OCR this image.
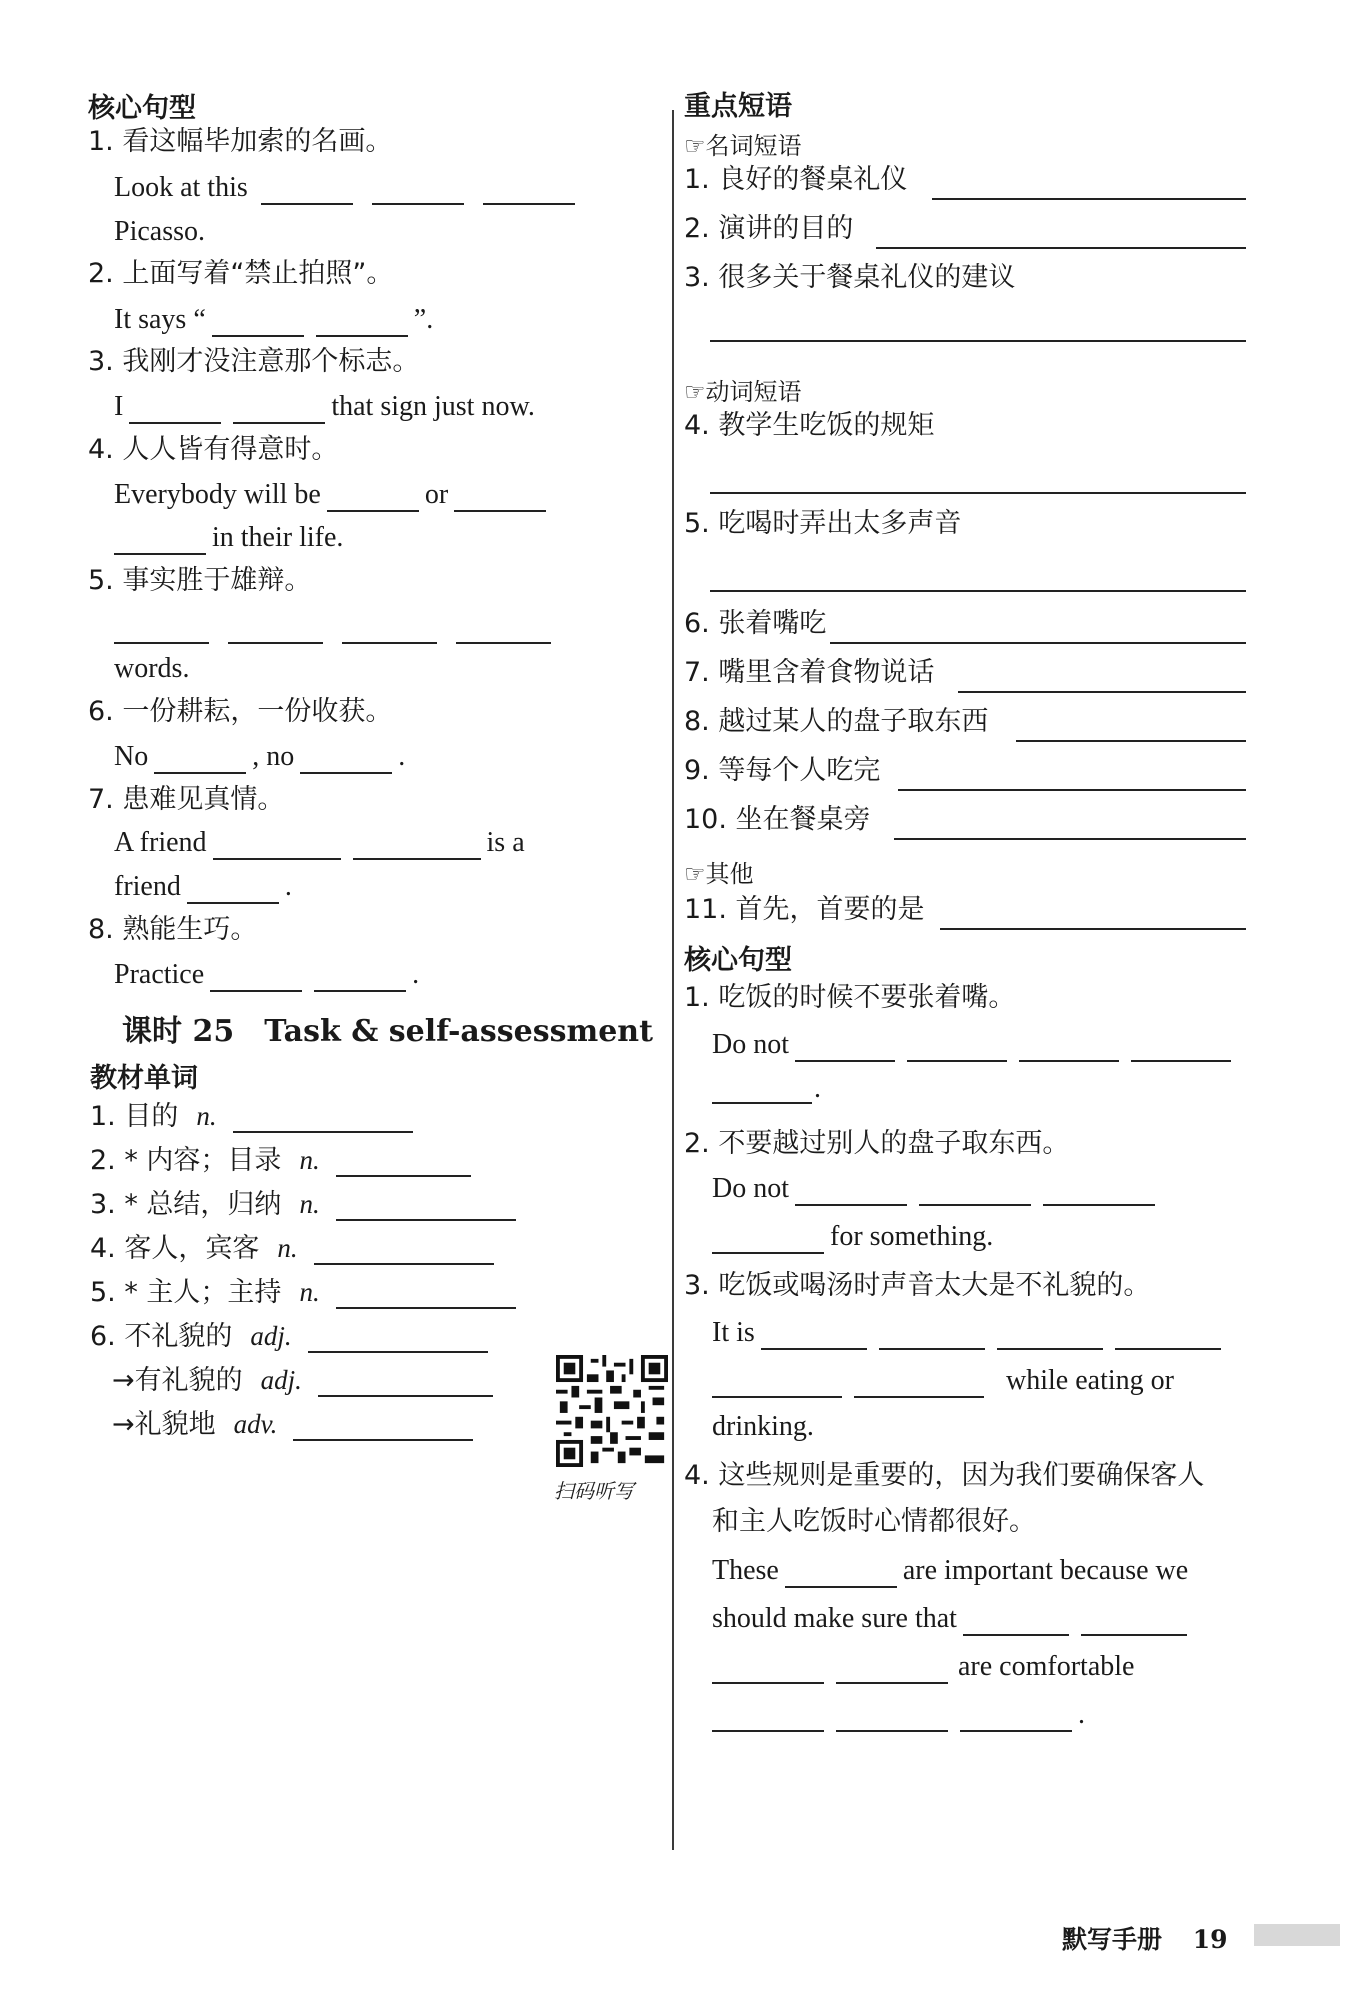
核心句型
1. 看这幅毕加索的名画。
Look at this
Picasso.
2. 上面写着“禁止拍照”。
It says “	”.
3. 我刚才没注意那个标志。
I	that sign just now.
4. 人人皆有得意时。
Everybody will be	or
in their life.
5. 事实胜于雄辩。

words.
6. 一份耕耘，一份收获。
No	, no	.
7. 患难见真情。
A friend	is a
friend	.
8. 熟能生巧。
Practice	.
课时 25　Task & self-assessment
教材单词
1. 目的 n.
2. * 内容；目录 n.
3. * 总结，归纳 n.
4. 客人，宾客 n.
5. * 主人；主持 n.
6. 不礼貌的 adj.
→有礼貌的 adj.
→礼貌地 adv.
扫码听写
重点短语
☞名词短语
1. 良好的餐桌礼仪
2. 演讲的目的
3. 很多关于餐桌礼仪的建议
☞动词短语
4. 教学生吃饭的规矩
5. 吃喝时弄出太多声音
6. 张着嘴吃
7. 嘴里含着食物说话
8. 越过某人的盘子取东西
9. 等每个人吃完
10. 坐在餐桌旁
☞其他
11. 首先，首要的是
核心句型
1. 吃饭的时候不要张着嘴。
Do not
.
2. 不要越过别人的盘子取东西。
Do not
for something.
3. 吃饭或喝汤时声音太大是不礼貌的。
It is
while eating or
drinking.
4. 这些规则是重要的，因为我们要确保客人
和主人吃饭时心情都很好。
These	are important because we
should make sure that
are comfortable
.
默写手册 19
